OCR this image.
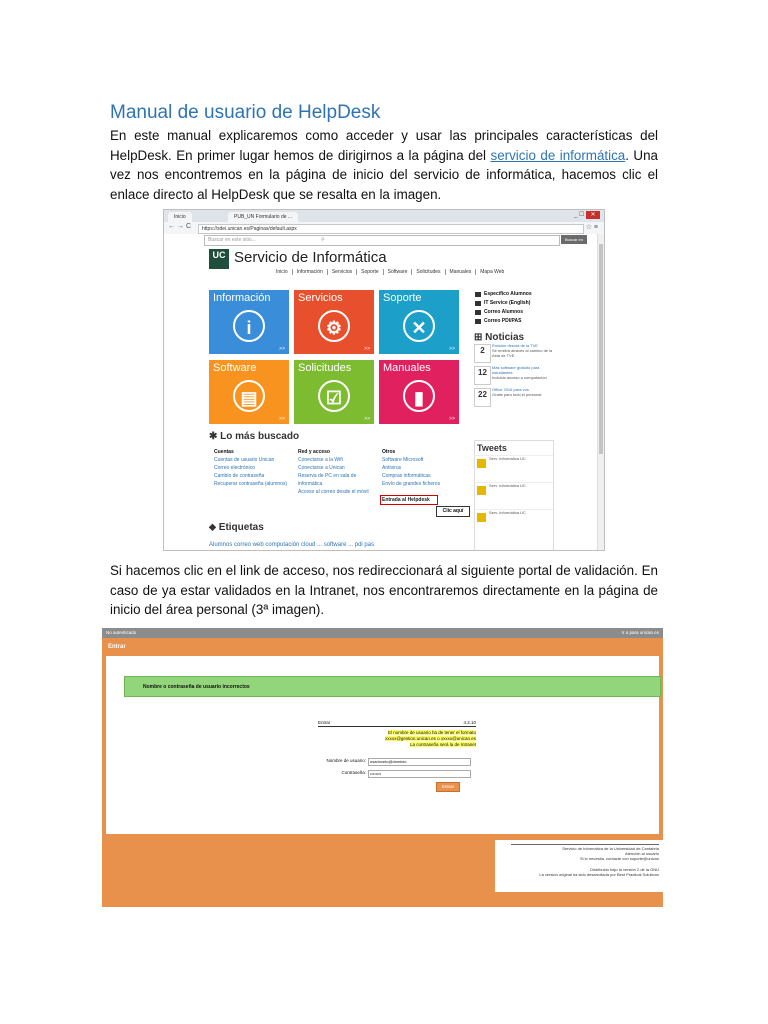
Manual de usuario de HelpDesk

En este manual explicaremos como acceder y usar las principales características del HelpDesk. En primer lugar hemos de dirigirnos a la página del servicio de informática. Una vez nos encontremos en la página de inicio del servicio de informática, hacemos clic el enlace directo al HelpDesk que se resalta en la imagen.

Inicio	PUB_UN Formulario de ...	_ ☐ ✕
←→C	https://sdei.unican.es/Paginas/default.aspx	☆ ≡
Buscar en este sitio...	⚲	Buscar en sitio
UC Servicio de Informática
Inicio Información Servicios Soporte Software Solicitudes Manuales Mapa Web
Información
i
>>
Servicios
⚙
>>
Soporte
✕
>>
Software
▤
>>
Solicitudes
☑
>>
Manuales
▮
>>
Específico Alumnos
IT Service (English)
Correo Alumnos
Correo PDI/PAS
⊞ Noticias
2
Emisión directa de la TVE
Se emitirá através al camino de la Asta de TVE
12
Más software gratuito para estudiantes
Incluido acceso a computación
22
Office 2016 para vos
Gratis para todo el personal
Tweets
Serv. Informática UC
Serv. Informática UC
Serv. Informática UC
✱ Lo más buscado
Cuentas
Cuentas de usuario Unican
Correo electrónico
Cambio de contraseña
Recuperar contraseña (alumnos)
Red y acceso
Conectarse a la Wifi
Conectarse a Unican
Reserva de PC en sala de informática
Acceso al correo desde el móvil
Otros
Software Microsoft
Antivirus
Compras informáticas
Envío de grandes ficheros
Entrada al Helpdesk
Clic aquí
⬥ Etiquetas
Alumnos correo web computación cloud ... software ... pdi pas

Si hacemos clic en el link de acceso, nos redireccionará al siguiente portal de validación. En caso de ya estar validados en la Intranet, nos encontraremos directamente en la página de inicio del área personal (3ª imagen).

No autenticado	Ir a para unican.es
Entrar
Nombre o contraseña de usuario incorrectos
Entrar	4.2.10
El nombre de usuario ha de tener el formato
xxxxx@gestion.unican.es o xxxxx@unican.es
La contraseña será la de Intranet
Nombre de usuario:	usarioxeto@dominio
Contraseña:	••••••••
Entrar
Servicio de Informática de la Universidad de Cantabria
Atención al usuario
Si lo necesita, contacte con soporte@unican
Distribuido bajo la versión 2 de la GNU
La versión original ha sido desarrollada por Best Practical Solutions
